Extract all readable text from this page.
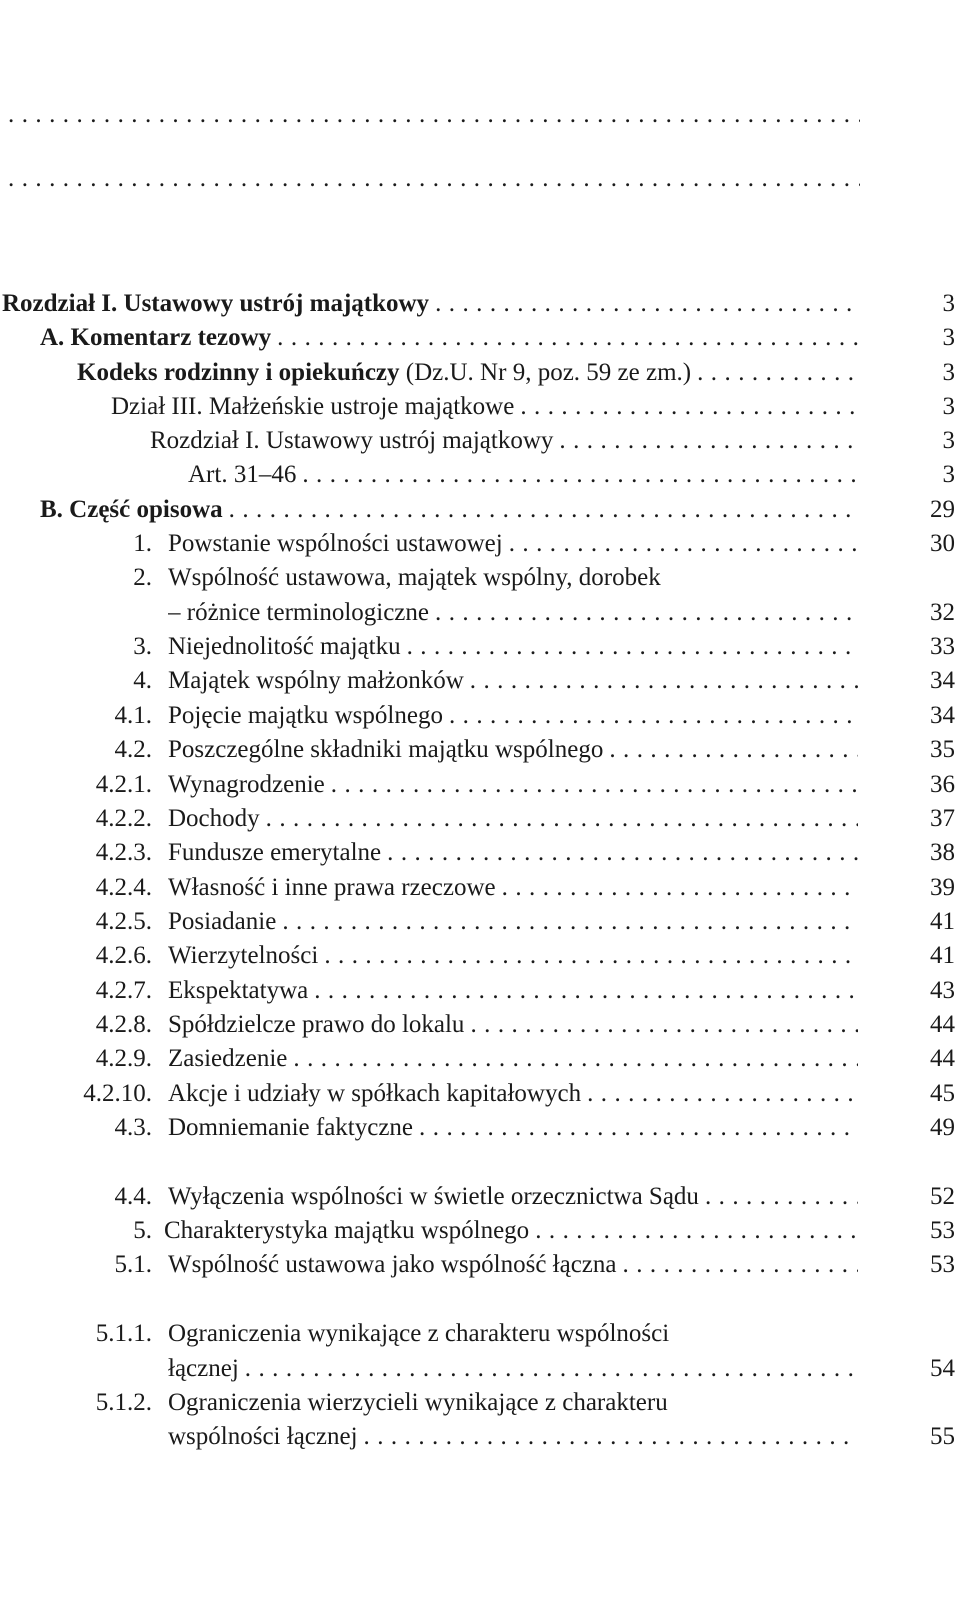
. . .
. . .
Rozdział I. Ustawowy ustrój majątkowy . . .	3
A. Komentarz tezowy . . .	3
Kodeks rodzinny i opiekuńczy (Dz.U. Nr 9, poz. 59 ze zm.) . . .	3
Dział III. Małżeńskie ustroje majątkowe . . .	3
Rozdział I. Ustawowy ustrój majątkowy . . .	3
Art. 31–46 . . .	3
B. Część opisowa . . .	29
1. Powstanie wspólności ustawowej . . .	30
2. Wspólność ustawowa, majątek wspólny, dorobek
– różnice terminologiczne . . .	32
3. Niejednolitość majątku . . .	33
4. Majątek wspólny małżonków . . .	34
4.1. Pojęcie majątku wspólnego . . .	34
4.2. Poszczególne składniki majątku wspólnego . . .	35
4.2.1. Wynagrodzenie . . .	36
4.2.2. Dochody . . .	37
4.2.3. Fundusze emerytalne . . .	38
4.2.4. Własność i inne prawa rzeczowe . . .	39
4.2.5. Posiadanie . . .	41
4.2.6. Wierzytelności . . .	41
4.2.7. Ekspektatywa . . .	43
4.2.8. Spółdzielcze prawo do lokalu . . .	44
4.2.9. Zasiedzenie . . .	44
4.2.10. Akcje i udziały w spółkach kapitałowych . . .	45
4.3. Domniemanie faktyczne . . .	49
4.4. Wyłączenia wspólności w świetle orzecznictwa Sądu . . .	52
5. Charakterystyka majątku wspólnego . . .	53
5.1. Wspólność ustawowa jako wspólność łączna . . .	53
5.1.1. Ograniczenia wynikające z charakteru wspólności
łącznej . . .	54
5.1.2. Ograniczenia wierzycieli wynikające z charakteru
wspólności łącznej . . .	55
